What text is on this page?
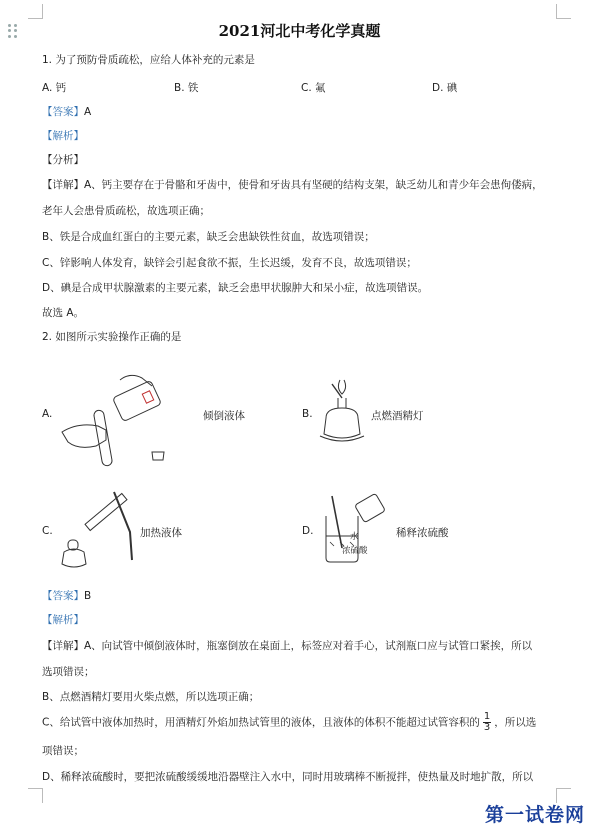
2021河北中考化学真题
1. 为了预防骨质疏松，应给人体补充的元素是
A. 钙	B. 铁	C. 氟	D. 碘
【答案】A
【解析】
【分析】
【详解】A、钙主要存在于骨骼和牙齿中，使骨和牙齿具有坚硬的结构支架，缺乏幼儿和青少年会患佝偻病，
老年人会患骨质疏松，故选项正确；
B、铁是合成血红蛋白的主要元素，缺乏会患缺铁性贫血，故选项错误；
C、锌影响人体发育，缺锌会引起食欲不振，生长迟缓，发育不良，故选项错误；
D、碘是合成甲状腺激素的主要元素，缺乏会患甲状腺肿大和呆小症，故选项错误。
故选 A。
2. 如图所示实验操作正确的是
A.	倾倒液体	B.	点燃酒精灯
C.	加热液体	D.	水
浓硫酸
稀释浓硫酸
【答案】B
【解析】
【详解】A、向试管中倾倒液体时，瓶塞倒放在桌面上，标签应对着手心，试剂瓶口应与试管口紧挨，所以
选项错误；
B、点燃酒精灯要用火柴点燃，所以选项正确；
C、给试管中液体加热时，用酒精灯外焰加热试管里的液体，且液体的体积不能超过试管容积的 $\frac{1}{3}$ ，所以选
项错误；
D、稀释浓硫酸时，要把浓硫酸缓缓地沿器壁注入水中，同时用玻璃棒不断搅拌，使热量及时地扩散，所以
第一试卷网
